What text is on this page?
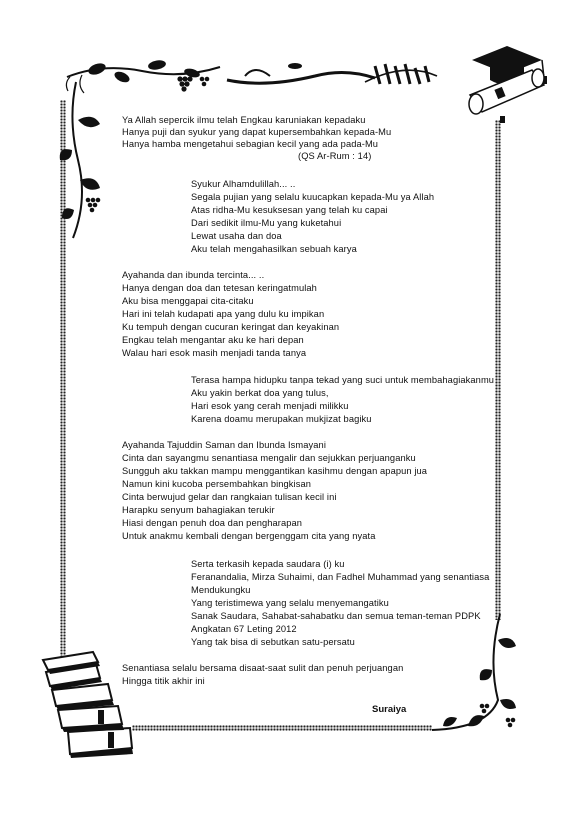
Ya Allah sepercik ilmu telah Engkau karuniakan kepadaku
Hanya puji dan syukur yang dapat kupersembahkan kepada-Mu
Hanya hamba mengetahui sebagian kecil yang ada pada-Mu
(QS Ar-Rum : 14)
Syukur Alhamdulillah... ..
Segala pujian yang selalu kuucapkan kepada-Mu ya Allah
Atas ridha-Mu kesuksesan yang telah ku capai
Dari sedikit ilmu-Mu yang kuketahui
Lewat usaha dan doa
Aku telah mengahasilkan sebuah karya
Ayahanda dan ibunda tercinta... ..
Hanya dengan doa dan tetesan keringatmulah
Aku bisa menggapai cita-citaku
Hari ini telah kudapati apa yang dulu ku impikan
Ku tempuh dengan cucuran keringat dan keyakinan
Engkau telah mengantar aku ke hari depan
Walau hari esok masih menjadi tanda tanya
Terasa hampa hidupku tanpa tekad yang suci untuk membahagiakanmu
Aku yakin berkat doa yang tulus,
Hari esok yang cerah menjadi milikku
Karena doamu merupakan mukjizat bagiku
Ayahanda Tajuddin Saman dan Ibunda Ismayani
Cinta dan sayangmu senantiasa mengalir dan sejukkan perjuanganku
Sungguh aku takkan mampu menggantikan kasihmu dengan apapun jua
Namun kini kucoba persembahkan bingkisan
Cinta berwujud gelar dan rangkaian tulisan kecil ini
Harapku senyum bahagiakan terukir
Hiasi dengan penuh doa dan pengharapan
Untuk anakmu kembali dengan bergenggam cita yang nyata
Serta terkasih kepada saudara (i) ku
Feranandalia, Mirza Suhaimi, dan Fadhel Muhammad yang senantiasa
Mendukungku
Yang teristimewa yang selalu menyemangatiku
Sanak Saudara, Sahabat-sahabatku dan semua teman-teman PDPK
Angkatan 67 Leting 2012
Yang tak bisa di sebutkan satu-persatu
Senantiasa selalu bersama disaat-saat sulit dan penuh perjuangan
Hingga titik akhir ini
Suraiya
